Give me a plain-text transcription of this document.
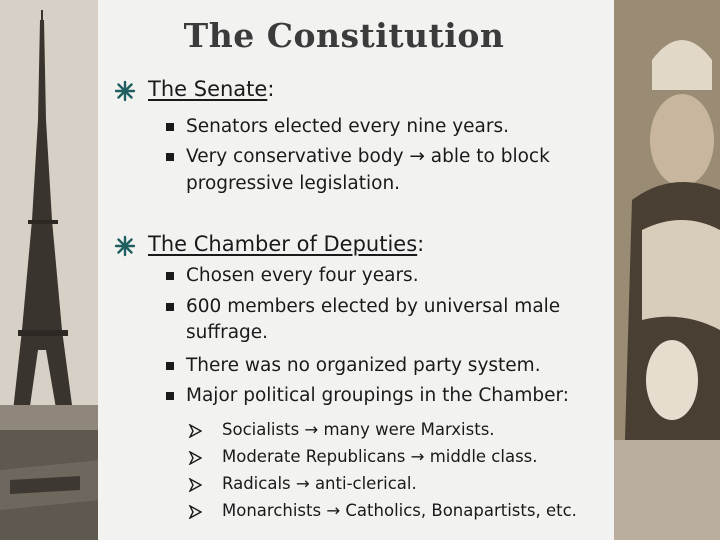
The Constitution
The Senate:
Senators elected every nine years.
Very conservative body → able to block
progressive legislation.
The Chamber of Deputies:
Chosen every four years.
600 members elected by universal male
suffrage.
There was no organized party system.
Major political groupings in the Chamber:
Socialists → many were Marxists.
Moderate Republicans → middle class.
Radicals → anti-clerical.
Monarchists → Catholics, Bonapartists, etc.
